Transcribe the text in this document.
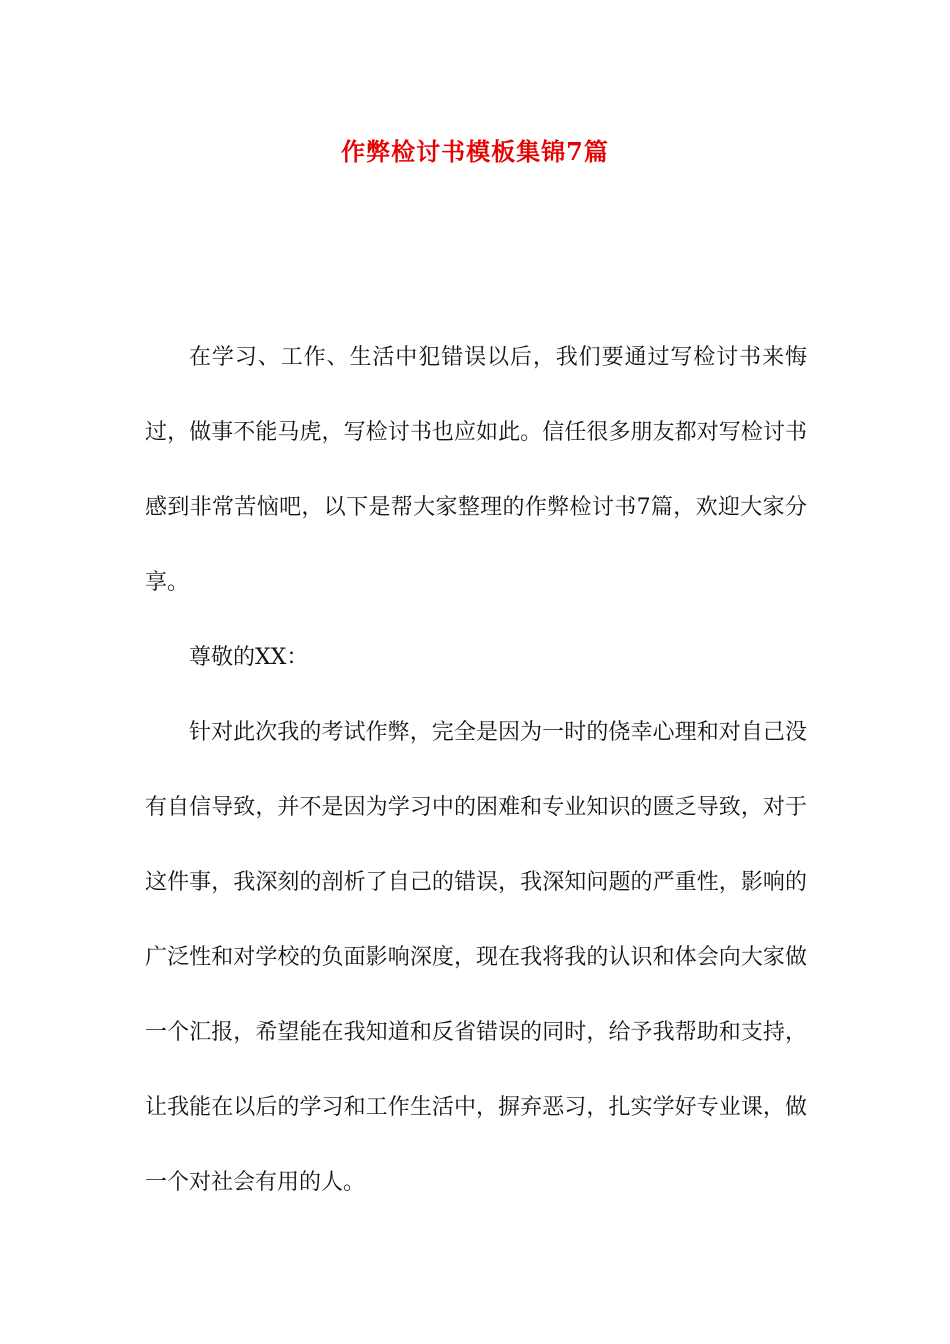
作弊检讨书模板集锦7篇

在学习、工作、生活中犯错误以后，我们要通过写检讨书来悔过，做事不能马虎，写检讨书也应如此。信任很多朋友都对写检讨书感到非常苦恼吧，以下是帮大家整理的作弊检讨书7篇，欢迎大家分享。

尊敬的XX：

针对此次我的考试作弊，完全是因为一时的侥幸心理和对自己没有自信导致，并不是因为学习中的困难和专业知识的匮乏导致，对于这件事，我深刻的剖析了自己的错误，我深知问题的严重性，影响的广泛性和对学校的负面影响深度，现在我将我的认识和体会向大家做一个汇报，希望能在我知道和反省错误的同时，给予我帮助和支持，让我能在以后的学习和工作生活中，摒弃恶习，扎实学好专业课，做一个对社会有用的人。
